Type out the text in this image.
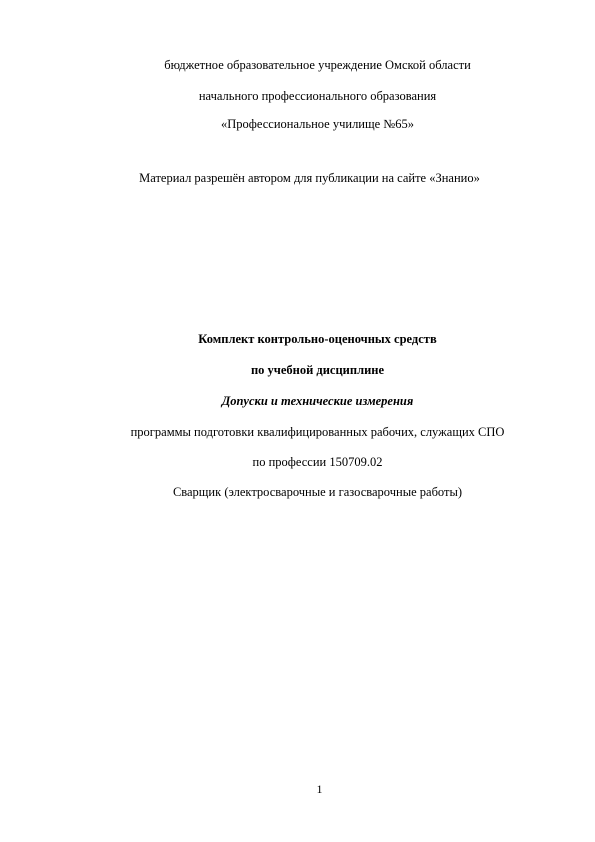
бюджетное образовательное учреждение Омской области
начального профессионального образования
«Профессиональное училище №65»
Материал разрешён автором для публикации на сайте «Знанио»
Комплект контрольно-оценочных средств
по учебной дисциплине
Допуски и технические измерения
программы подготовки квалифицированных рабочих, служащих СПО
по профессии 150709.02
Сварщик (электросварочные и газосварочные работы)
1
